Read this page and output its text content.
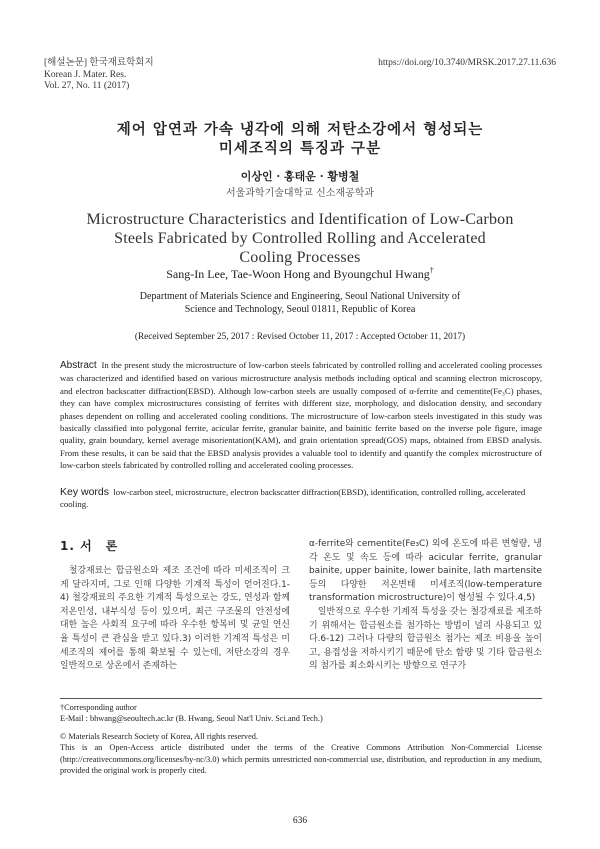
[해설논문] 한국재료학회지
Korean J. Mater. Res.
Vol. 27, No. 11 (2017)
https://doi.org/10.3740/MRSK.2017.27.11.636
제어 압연과 가속 냉각에 의해 저탄소강에서 형성되는
미세조직의 특징과 구분
이상인 · 홍태운 · 황병철
서울과학기술대학교 신소재공학과
Microstructure Characteristics and Identification of Low-Carbon
Steels Fabricated by Controlled Rolling and Accelerated
Cooling Processes
Sang-In Lee, Tae-Woon Hong and Byoungchul Hwang†
Department of Materials Science and Engineering, Seoul National University of
Science and Technology, Seoul 01811, Republic of Korea
(Received September 25, 2017 : Revised October 11, 2017 : Accepted October 11, 2017)
Abstract In the present study the microstructure of low-carbon steels fabricated by controlled rolling and accelerated cooling processes was characterized and identified based on various microstructure analysis methods including optical and scanning electron microscopy, and electron backscatter diffraction(EBSD). Although low-carbon steels are usually composed of α-ferrite and cementite(Fe₃C) phases, they can have complex microstructures consisting of ferrites with different size, morphology, and dislocation density, and secondary phases dependent on rolling and accelerated cooling conditions. The microstructure of low-carbon steels investigated in this study was basically classified into polygonal ferrite, acicular ferrite, granular bainite, and bainitic ferrite based on the inverse pole figure, image quality, grain boundary, kernel average misorientation(KAM), and grain orientation spread(GOS) maps, obtained from EBSD analysis. From these results, it can be said that the EBSD analysis provides a valuable tool to identify and quantify the complex microstructure of low-carbon steels fabricated by controlled rolling and accelerated cooling processes.
Key words low-carbon steel, microstructure, electron backscatter diffraction(EBSD), identification, controlled rolling, accelerated cooling.
1. 서　론

철강재료는 합금원소와 제조 조건에 따라 미세조직이 크게 달라지며, 그로 인해 다양한 기계적 특성이 얻어진다.1-4) 철강재료의 주요한 기계적 특성으로는 강도, 연성과 함께 저온인성, 내부식성 등이 있으며, 최근 구조물의 안전성에 대한 높은 사회적 요구에 따라 우수한 항복비 및 균일 연신율 특성이 큰 관심을 받고 있다.3) 이러한 기계적 특성은 미세조직의 제어를 통해 확보될 수 있는데, 저탄소강의 경우 일반적으로 상온에서 존재하는

α-ferrite와 cementite(Fe₃C) 외에 온도에 따른 변형량, 냉각 온도 및 속도 등에 따라 acicular ferrite, granular bainite, upper bainite, lower bainite, lath martensite 등의 다양한 저온변태 미세조직(low-temperature transformation microstructure)이 형성될 수 있다.4,5)

일반적으로 우수한 기계적 특성을 갖는 철강재료를 제조하기 위해서는 합금원소를 첨가하는 방법이 널리 사용되고 있다.6-12) 그러나 다량의 합금원소 첨가는 제조 비용을 높이고, 용접성을 저하시키기 때문에 탄소 함량 및 기타 합금원소의 첨가를 최소화시키는 방향으로 연구가

†Corresponding author

E-Mail : bhwang@seoultech.ac.kr (B. Hwang, Seoul Nat'l Univ. Sci.and Tech.)

© Materials Research Society of Korea, All rights reserved.

This is an Open-Access article distributed under the terms of the Creative Commons Attribution Non-Commercial License (http://creativecommons.org/licenses/by-nc/3.0) which permits unrestricted non-commercial use, distribution, and reproduction in any medium, provided the original work is properly cited.

636
